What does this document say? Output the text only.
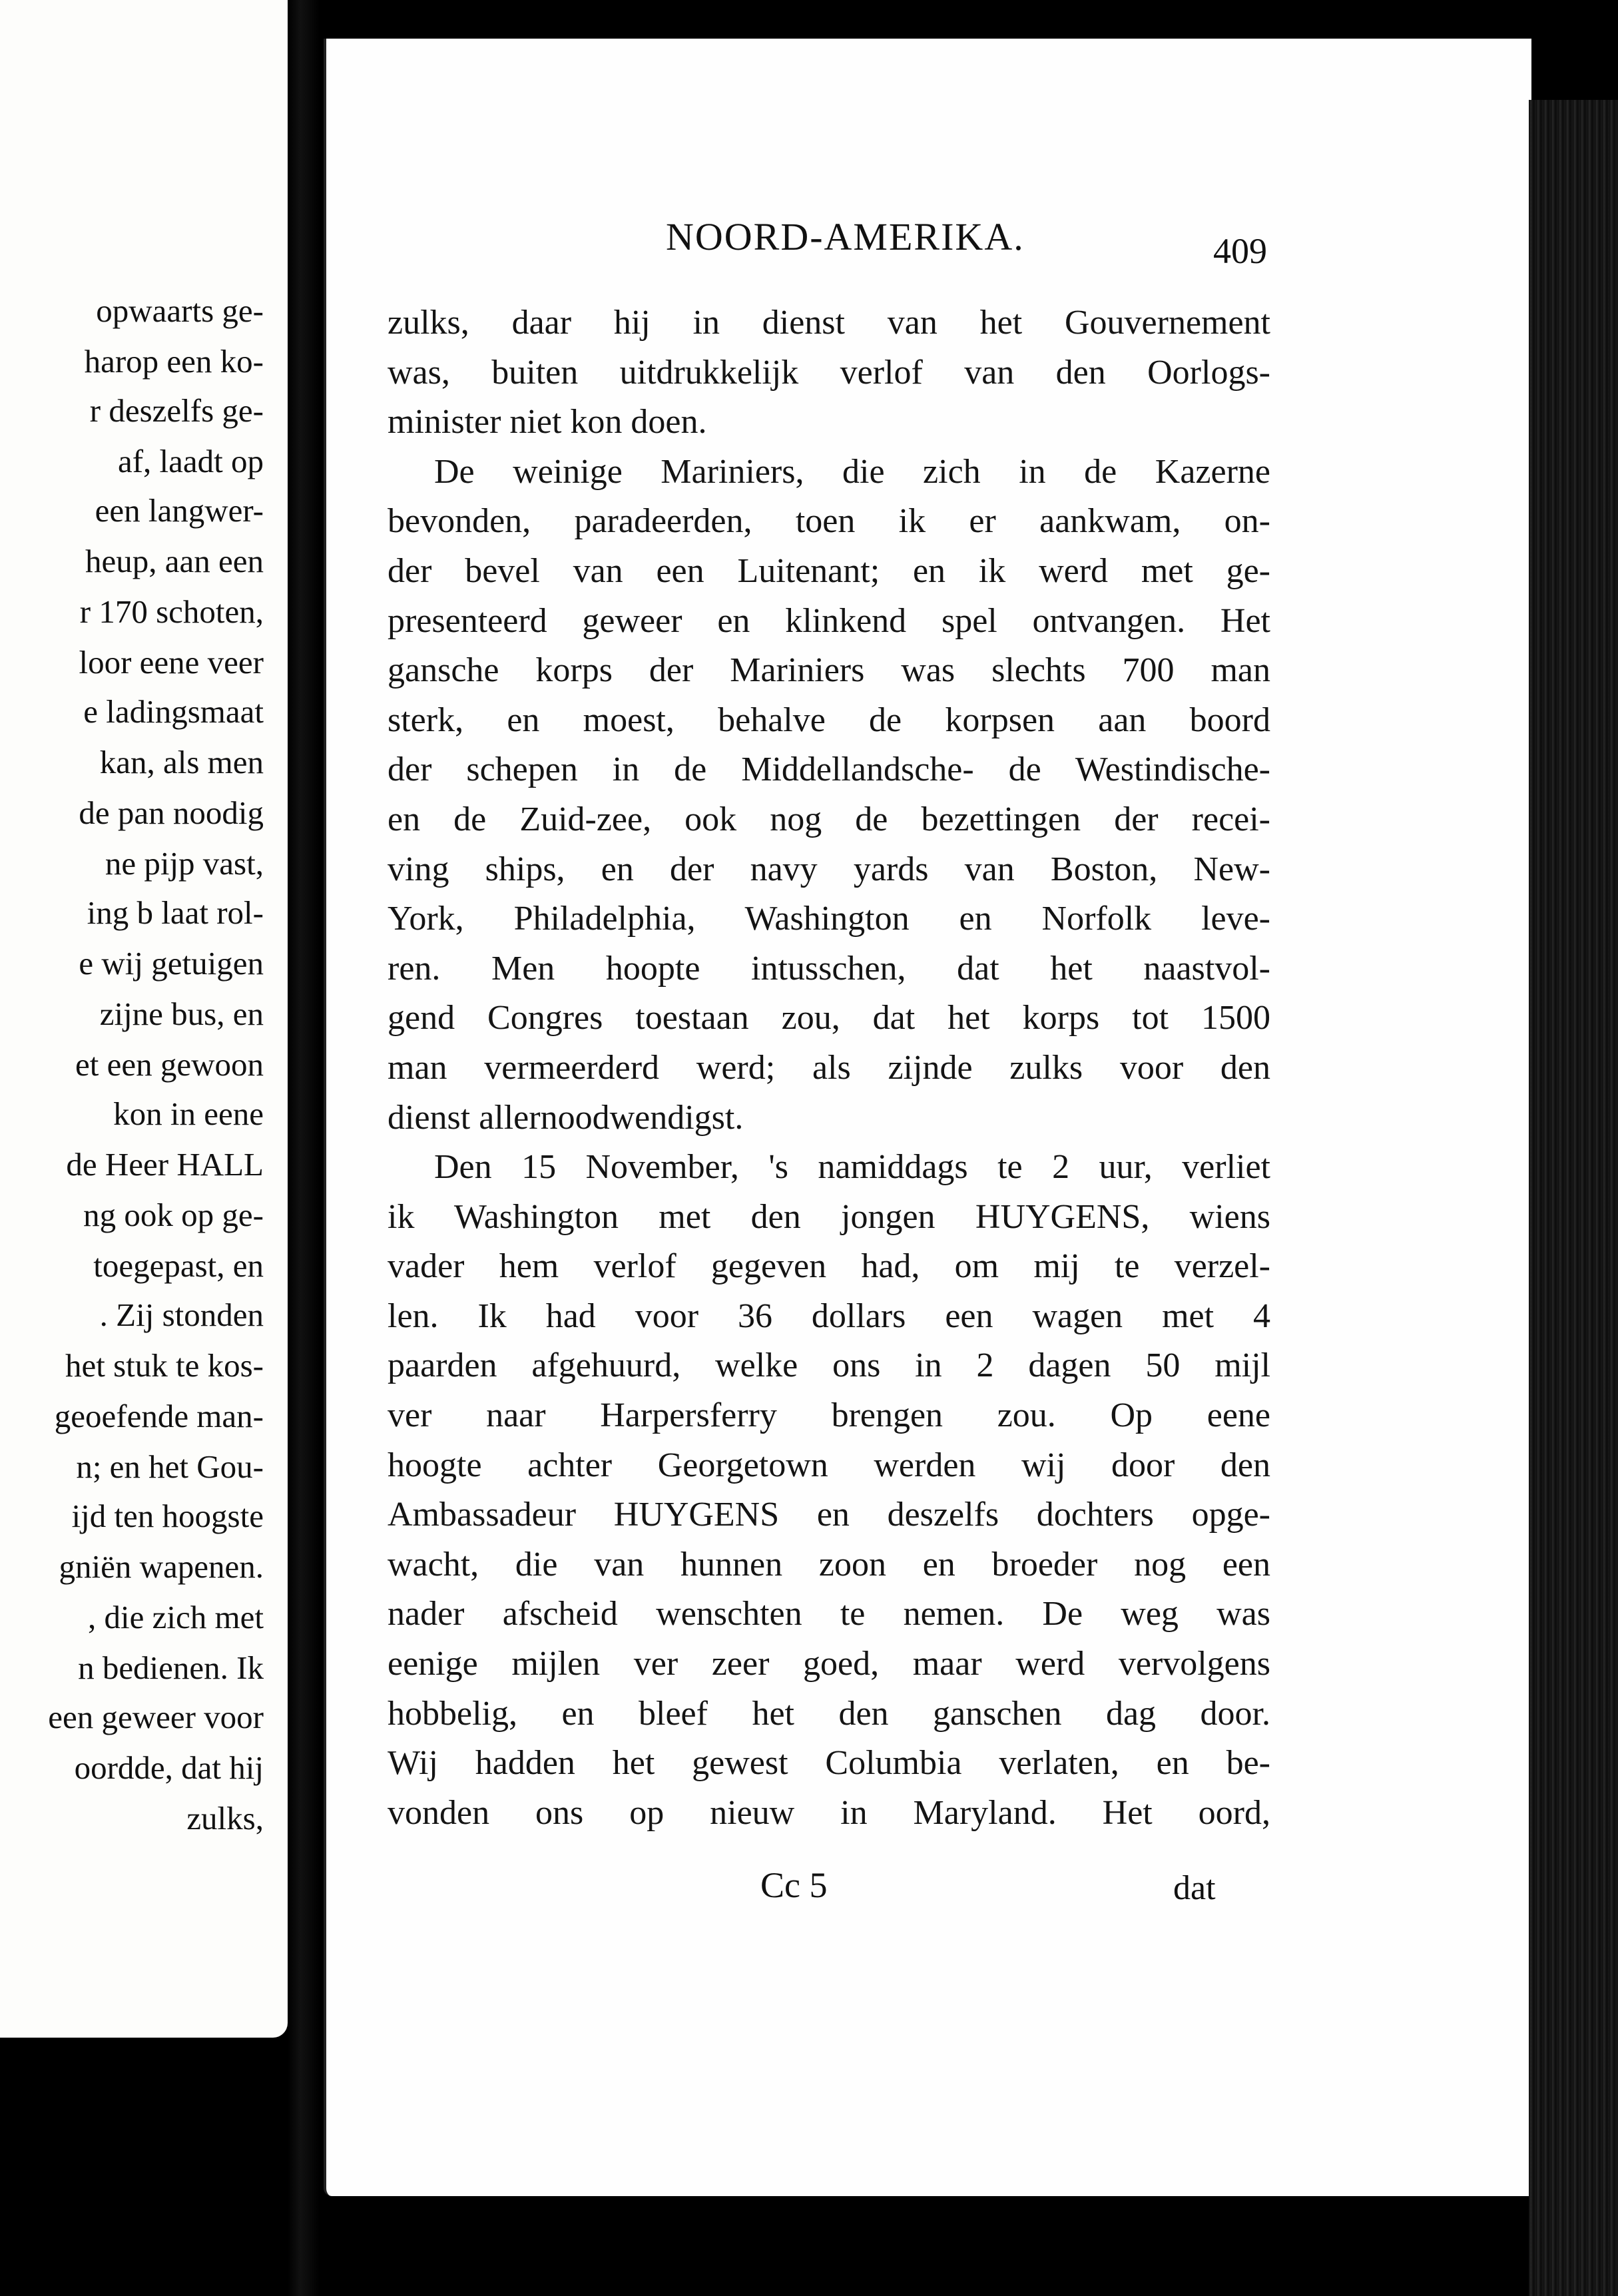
opwaarts ge-
harop een ko-
r deszelfs ge-
af, laadt op
een langwer-
heup, aan een
r 170 schoten,
loor eene veer
e ladingsmaat
kan, als men
de pan noodig
ne pijp vast,
ing b laat rol-
e wij getuigen
zijne bus, en
et een gewoon
kon in eene
de Heer HALL
ng ook op ge-
toegepast, en
. Zij stonden
het stuk te kos-
geoefende man-
n; en het Gou-
ijd ten hoogste
gniën wapenen.
, die zich met
n bedienen. Ik
een geweer voor
oordde, dat hij
zulks,
NOORD-AMERIKA.	409
zulks, daar hij in dienst van het Gouvernement
was, buiten uitdrukkelijk verlof van den Oorlogs-
minister niet kon doen.
De weinige Mariniers, die zich in de Kazerne
bevonden, paradeerden, toen ik er aankwam, on-
der bevel van een Luitenant; en ik werd met ge-
presenteerd geweer en klinkend spel ontvangen. Het
gansche korps der Mariniers was slechts 700 man
sterk, en moest, behalve de korpsen aan boord
der schepen in de Middellandsche- de Westindische-
en de Zuid-zee, ook nog de bezettingen der recei-
ving ships, en der navy yards van Boston, New-
York, Philadelphia, Washington en Norfolk leve-
ren. Men hoopte intusschen, dat het naastvol-
gend Congres toestaan zou, dat het korps tot 1500
man vermeerderd werd; als zijnde zulks voor den
dienst allernoodwendigst.
Den 15 November, 's namiddags te 2 uur, verliet
ik Washington met den jongen HUYGENS, wiens
vader hem verlof gegeven had, om mij te verzel-
len. Ik had voor 36 dollars een wagen met 4
paarden afgehuurd, welke ons in 2 dagen 50 mijl
ver naar Harpersferry brengen zou. Op eene
hoogte achter Georgetown werden wij door den
Ambassadeur HUYGENS en deszelfs dochters opge-
wacht, die van hunnen zoon en broeder nog een
nader afscheid wenschten te nemen. De weg was
eenige mijlen ver zeer goed, maar werd vervolgens
hobbelig, en bleef het den ganschen dag door.
Wij hadden het gewest Columbia verlaten, en be-
vonden ons op nieuw in Maryland. Het oord,
Cc 5	dat
